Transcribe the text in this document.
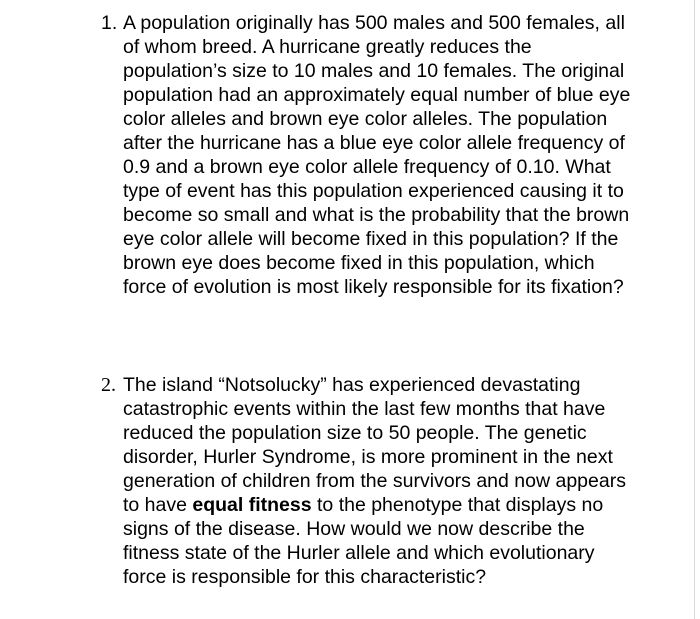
1. A population originally has 500 males and 500 females, all of whom breed. A hurricane greatly reduces the population’s size to 10 males and 10 females. The original population had an approximately equal number of blue eye color alleles and brown eye color alleles. The population after the hurricane has a blue eye color allele frequency of 0.9 and a brown eye color allele frequency of 0.10. What type of event has this population experienced causing it to become so small and what is the probability that the brown eye color allele will become fixed in this population? If the brown eye does become fixed in this population, which force of evolution is most likely responsible for its fixation?
2. The island “Notsolucky” has experienced devastating catastrophic events within the last few months that have reduced the population size to 50 people. The genetic disorder, Hurler Syndrome, is more prominent in the next generation of children from the survivors and now appears to have equal fitness to the phenotype that displays no signs of the disease. How would we now describe the fitness state of the Hurler allele and which evolutionary force is responsible for this characteristic?
